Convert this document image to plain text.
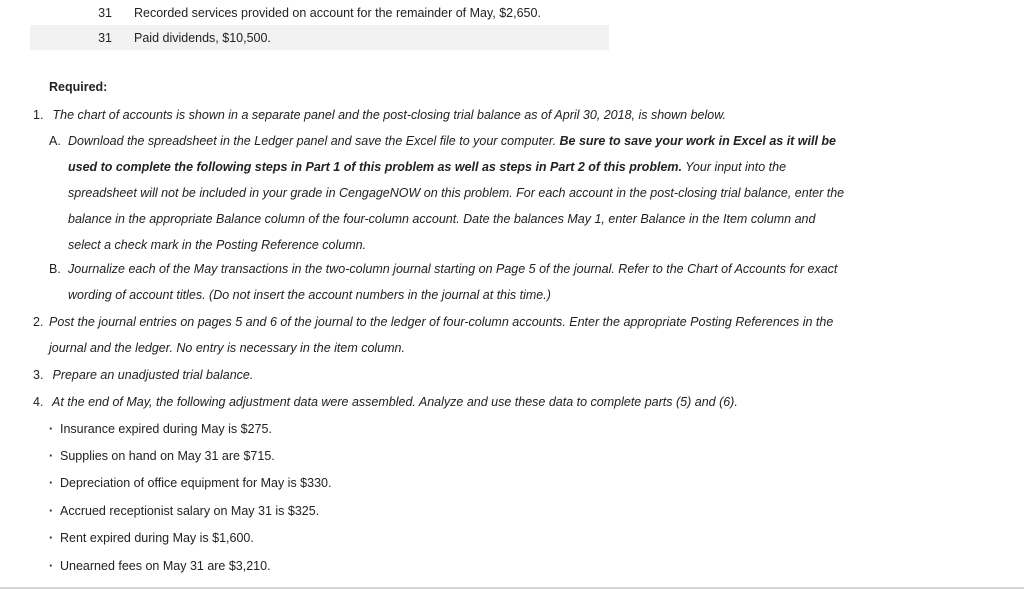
31 Recorded services provided on account for the remainder of May, $2,650.
31 Paid dividends, $10,500.
Required:
1. The chart of accounts is shown in a separate panel and the post-closing trial balance as of April 30, 2018, is shown below.
A. Download the spreadsheet in the Ledger panel and save the Excel file to your computer. Be sure to save your work in Excel as it will be used to complete the following steps in Part 1 of this problem as well as steps in Part 2 of this problem. Your input into the spreadsheet will not be included in your grade in CengageNOW on this problem. For each account in the post-closing trial balance, enter the balance in the appropriate Balance column of the four-column account. Date the balances May 1, enter Balance in the Item column and select a check mark in the Posting Reference column.
B. Journalize each of the May transactions in the two-column journal starting on Page 5 of the journal. Refer to the Chart of Accounts for exact wording of account titles. (Do not insert the account numbers in the journal at this time.)
2. Post the journal entries on pages 5 and 6 of the journal to the ledger of four-column accounts. Enter the appropriate Posting References in the journal and the ledger. No entry is necessary in the item column.
3. Prepare an unadjusted trial balance.
4. At the end of May, the following adjustment data were assembled. Analyze and use these data to complete parts (5) and (6).
· Insurance expired during May is $275.
· Supplies on hand on May 31 are $715.
· Depreciation of office equipment for May is $330.
· Accrued receptionist salary on May 31 is $325.
· Rent expired during May is $1,600.
· Unearned fees on May 31 are $3,210.
